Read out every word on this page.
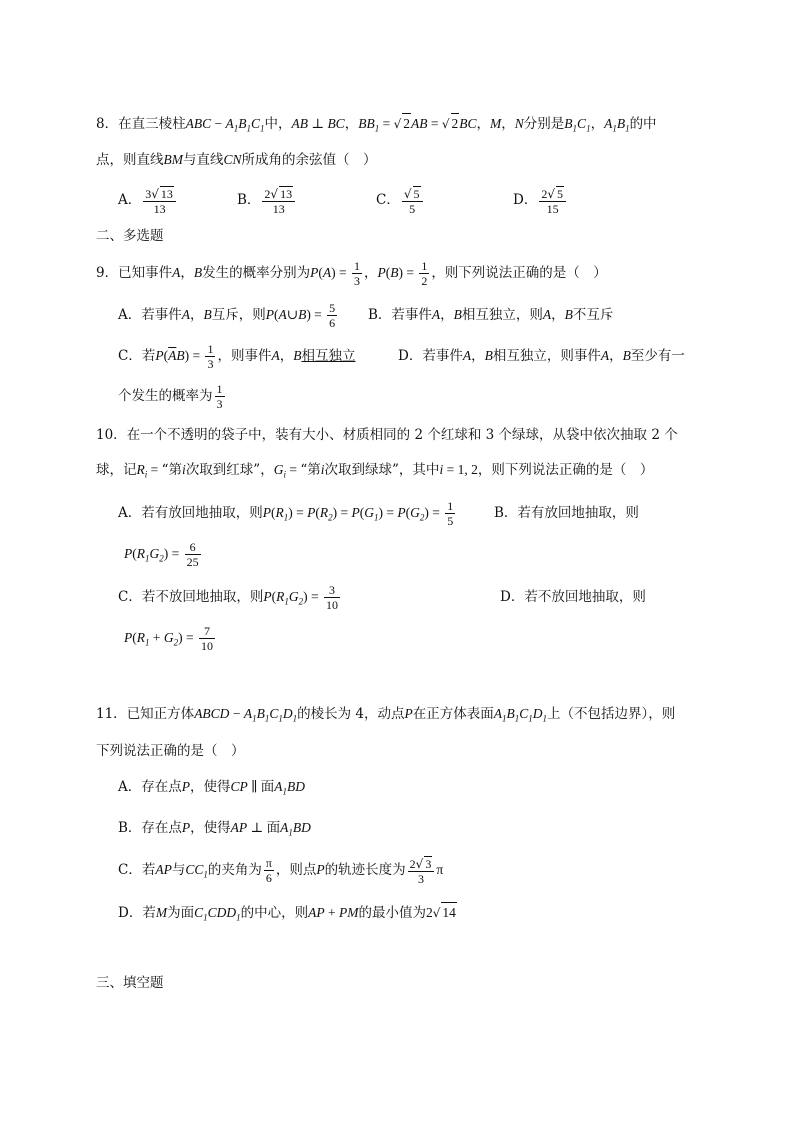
8．在直三棱柱ABC − $A_1B_1C_1$中，AB ⊥ BC，$BB_1$ = √ 2AB = √ 2BC，M，N分别是$B_1C_1$，$A_1B_1$的中
点，则直线BM与直线CN所成角的余弦值（　）
A． $\frac{3√ 13}{13}$	B． $\frac{2√ 13}{13}$	C． $\frac{√ 5}{5}$	D． $\frac{2√ 5}{15}$
二、多选题
9．已知事件A，B发生的概率分别为$P(A) = \frac{1}{3}$ ，$P(B) = \frac{1}{2}$ ，则下列说法正确的是（　）
A．若事件A，B互斥，则P(A∪B) = $\frac{5}{6}$ B．若事件A，B相互独立，则A，B不互斥
C．若$P(\overline{A}B) = \frac{1}{3}$ ，则事件A，B相互独立	D．若事件A，B相互独立，则事件A，B至少有一
个发生的概率为 $\frac{1}{3}$
10．在一个不透明的袋子中，装有大小、材质相同的 2 个红球和 3 个绿球，从袋中依次抽取 2 个
球，记$R_i$ = “第i次取到红球”，$G_i$ = “第i次取到绿球”，其中i = 1, 2，则下列说法正确的是（　）
A．若有放回地抽取，则$P(R_1) = P(R_2) = P(G_1) = P(G_2) = \frac{1}{5}$	B．若有放回地抽取，则
$P(R_1G_2) = \frac{6}{25}$
C．若不放回地抽取，则$P(R_1G_2) = \frac{3}{10}$	D．若不放回地抽取，则
$P(R_1 + G_2) = \frac{7}{10}$
11．已知正方体ABCD − $A_1B_1C_1D_1$的棱长为 4，动点P在正方体表面$A_1B_1C_1D_1$上（不包括边界），则
下列说法正确的是（　）
A．存在点P，使得CP ∥ 面$A_1BD$
B．存在点P，使得AP ⊥ 面$A_1BD$
C．若AP与$CC_1$的夹角为 $\frac{\pi}{6}$ ，则点P的轨迹长度为 $\frac{2√ 3}{3}$ π
D．若M为面$C_1CDD_1$的中心，则AP + PM的最小值为2√ 14
三、填空题
